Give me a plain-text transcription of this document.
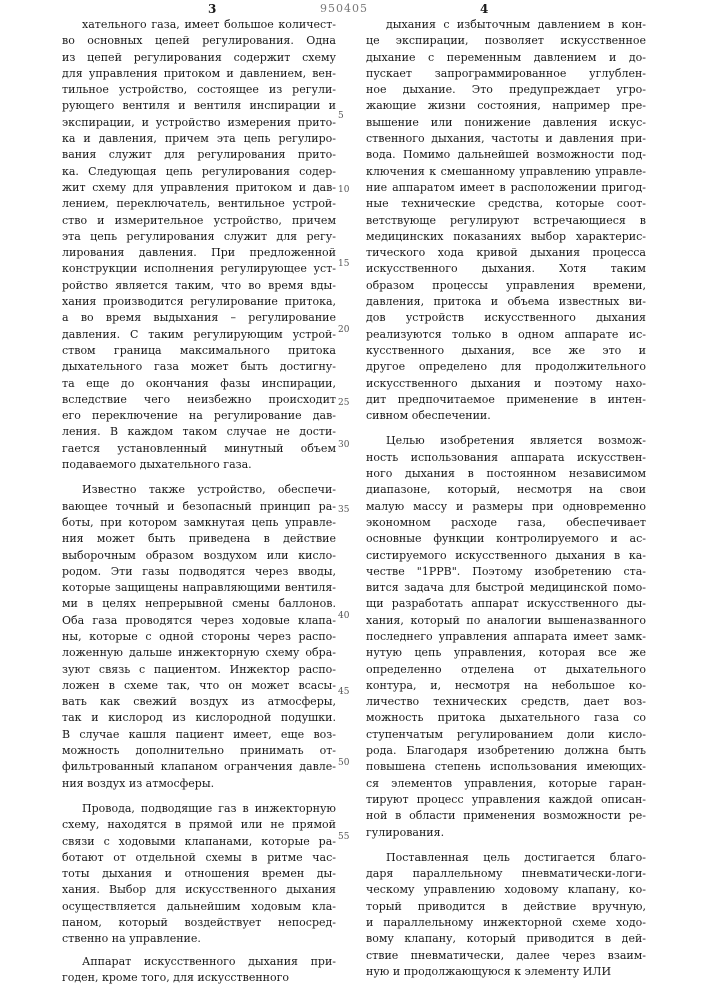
3	950405	4

хательного газа, имеет большое количест-
во основных цепей регулирования. Одна
из цепей регулирования содержит схему
для управления притоком и давлением, вен-
тильное устройство, состоящее из регули-
рующего вентиля и вентиля инспирации и
экспирации, и устройство измерения прито-
ка и давления, причем эта цепь регулиро-
вания служит для регулирования прито-
ка. Следующая цепь регулирования содер-
жит схему для управления притоком и дав-
лением, переключатель, вентильное устрой-
ство и измерительное устройство, причем
эта цепь регулирования служит для регу-
лирования давления. При предложенной
конструкции исполнения регулирующее уст-
ройство является таким, что во время вды-
хания производится регулирование притока,
а во время выдыхания – регулирование
давления. С таким регулирующим устрой-
ством граница максимального притока
дыхательного газа может быть достигну-
та еще до окончания фазы инспирации,
вследствие чего неизбежно происходит
его переключение на регулирование дав-
ления. В каждом таком случае не дости-
гается установленный минутный объем
подаваемого дыхательного газа.

Известно также устройство, обеспечи-
вающее точный и безопасный принцип ра-
боты, при котором замкнутая цепь управле-
ния может быть приведена в действие
выборочным образом воздухом или кисло-
родом. Эти газы подводятся через вводы,
которые защищены направляющими вентиля-
ми в целях непрерывной смены баллонов.
Оба газа проводятся через ходовые клапа-
ны, которые с одной стороны через распо-
ложенную дальше инжекторную схему обра-
зуют связь с пациентом. Инжектор распо-
ложен в схеме так, что он может всасы-
вать как свежий воздух из атмосферы,
так и кислород из кислородной подушки.
В случае кашля пациент имеет, еще воз-
можность дополнительно принимать от-
фильтрованный клапаном огранчения давле-
ния воздух из атмосферы.

Провода, подводящие газ в инжекторную
схему, находятся в прямой или не прямой
связи с ходовыми клапанами, которые ра-
ботают от отдельной схемы в ритме час-
тоты дыхания и отношения времен ды-
хания. Выбор для искусственного дыхания
осуществляется дальнейшим ходовым кла-
паном, который воздействует непосред-
ственно на управление.

Аппарат искусственного дыхания при-
годен, кроме того, для искусственного

дыхания с избыточным давлением в кон-
це экспирации, позволяет искусственное
дыхание с переменным давлением и до-
пускает запрограммированное углублен-
ное дыхание. Это предупреждает угро-
жающие жизни состояния, например пре-
вышение или понижение давления искус-
ственного дыхания, частоты и давления при-
вода. Помимо дальнейшей возможности под-
ключения к смешанному управлению управле-
ние аппаратом имеет в расположении пригод-
ные технические средства, которые соот-
ветствующе регулируют встречающиеся в
медицинских показаниях выбор характерис-
тического хода кривой дыхания процесса
искусственного дыхания. Хотя таким
образом процессы управления времени,
давления, притока и объема известных ви-
дов устройств искусственного дыхания
реализуются только в одном аппарате ис-
кусственного дыхания, все же это и
другое определено для продолжительного
искусственного дыхания и поэтому нахо-
дит предпочитаемое применение в интен-
сивном обеспечении.

Целью изобретения является возмож-
ность использования аппарата искусствен-
ного дыхания в постоянном независимом
диапазоне, который, несмотря на свои
малую массу и размеры при одновременно
экономном расходе газа, обеспечивает
основные функции контролируемого и ас-
систируемого искусственного дыхания в ка-
честве "1РРВ". Поэтому изобретению ста-
вится задача для быстрой медицинской помо-
щи разработать аппарат искусственного ды-
хания, который по аналогии вышеназванного
последнего управления аппарата имеет замк-
нутую цепь управления, которая все же
определенно отделена от дыхательного
контура, и, несмотря на небольшое ко-
личество технических средств, дает воз-
можность притока дыхательного газа со
ступенчатым регулированием доли кисло-
рода. Благодаря изобретению должна быть
повышена степень использования имеющих-
ся элементов управления, которые гаран-
тируют процесс управления каждой описан-
ной в области применения возможности ре-
гулирования.

Поставленная цель достигается благо-
даря параллельному пневматически-логи-
ческому управлению ходовому клапану, ко-
торый приводится в действие вручную,
и параллельному инжекторной схеме ходо-
вому клапану, который приводится в дей-
ствие пневматически, далее через взаим-
ную и продолжающуюся к элементу ИЛИ

5
10
15
20
25
30
35
40
45
50
55
